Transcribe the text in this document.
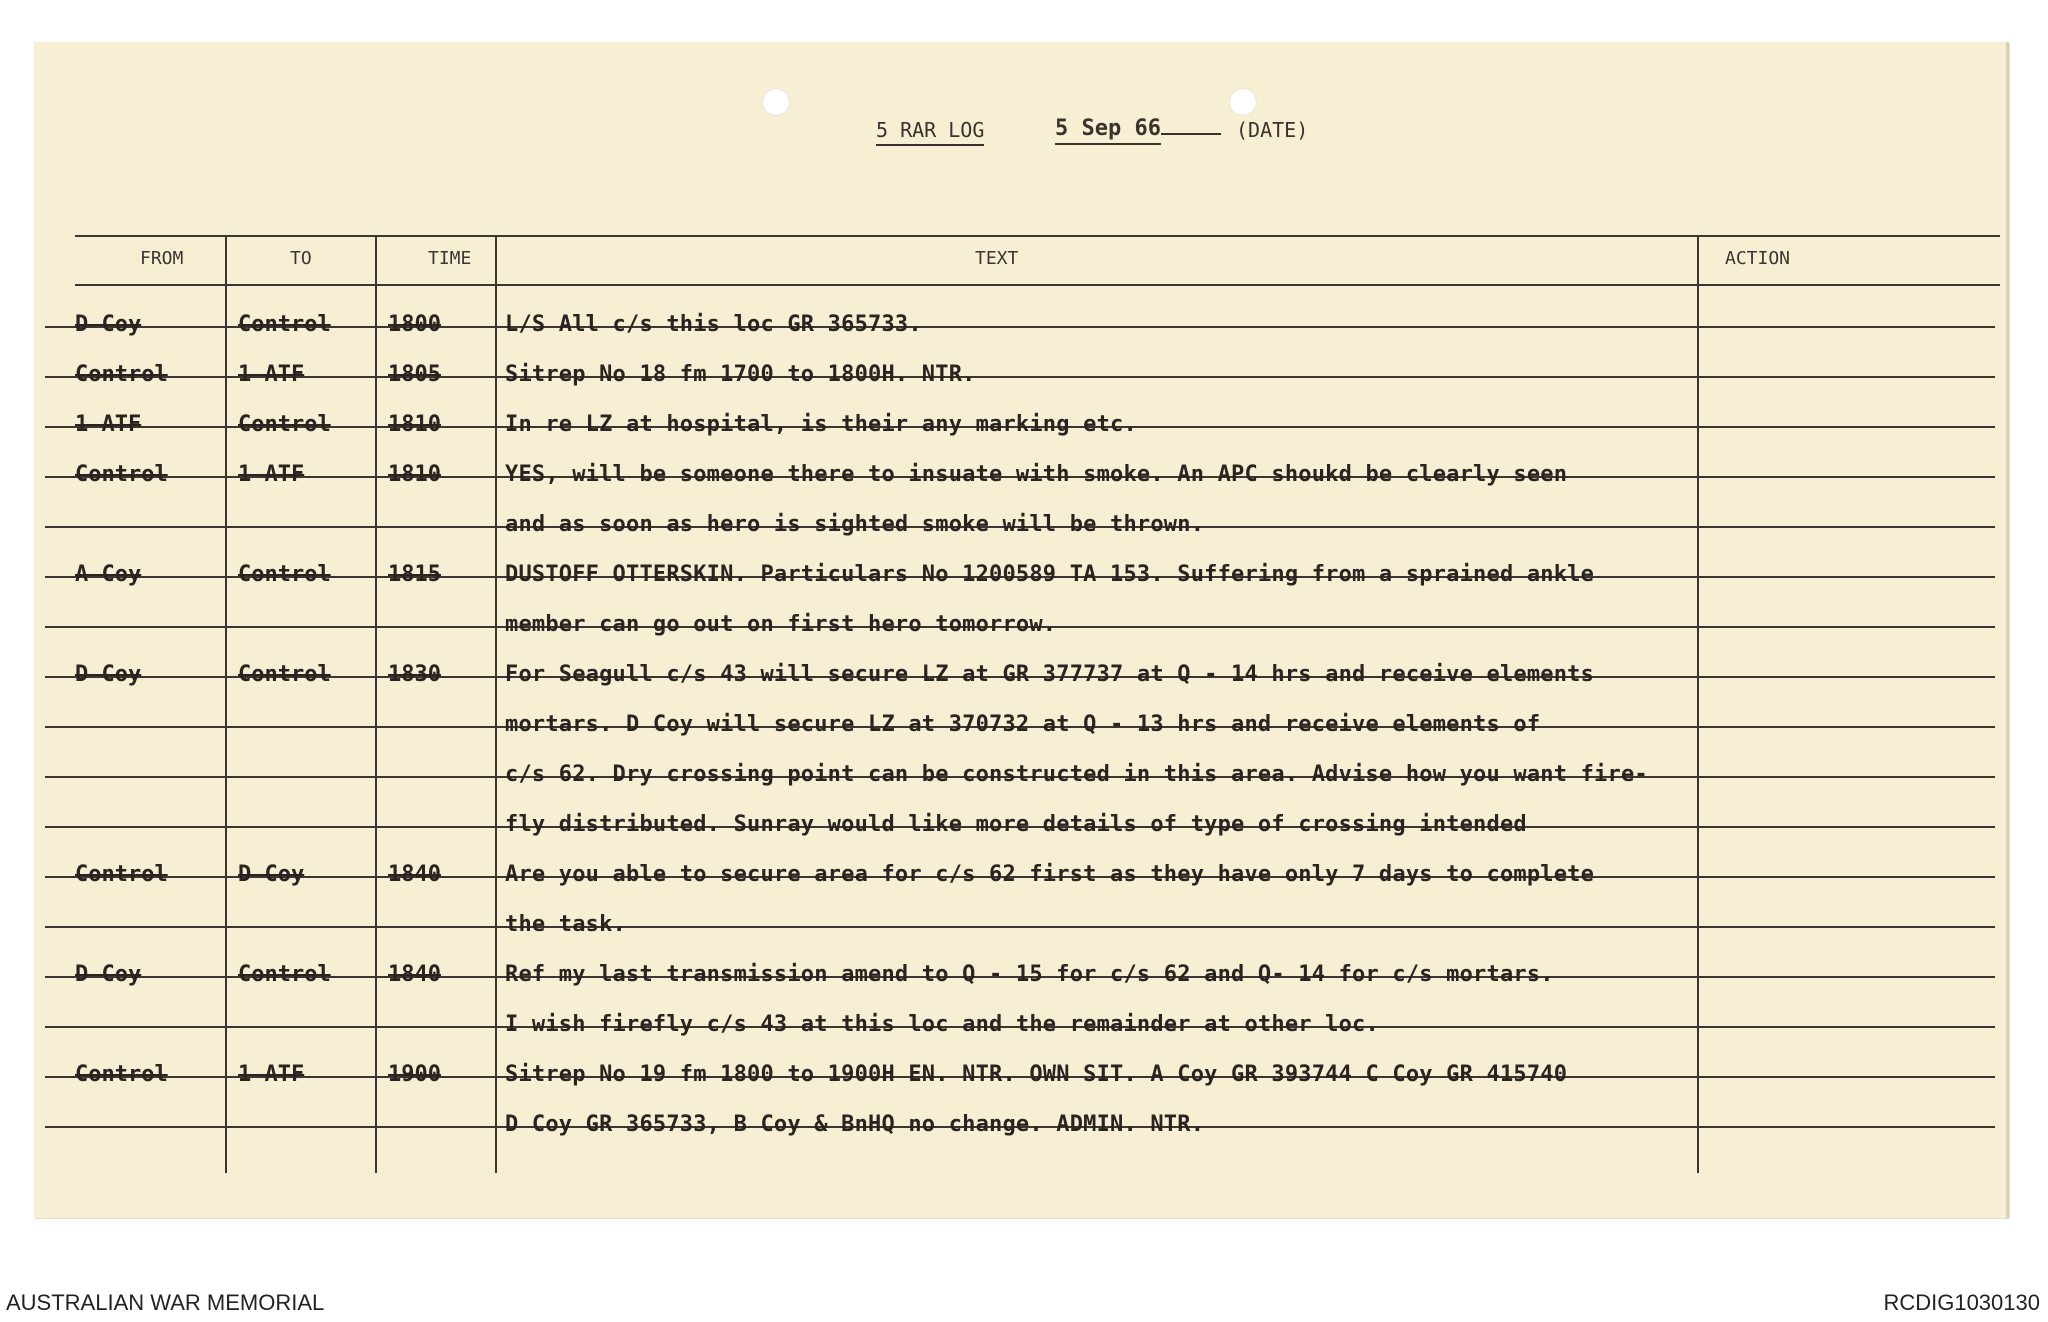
5 RAR LOG	5 Sep 66	(DATE)
FROM	TO	TIME	TEXT	ACTION
D Coy	Control	1800	L/S All c/s this loc GR 365733.
Control	1 ATF	1805	Sitrep No 18 fm 1700 to 1800H. NTR.
1 ATF	Control	1810	In re LZ at hospital, is their any marking etc.
Control	1 ATF	1810	YES, will be someone there to insuate with smoke. An APC shoukd be clearly seen
and as soon as hero is sighted smoke will be thrown.
A Coy	Control	1815	DUSTOFF OTTERSKIN. Particulars No 1200589 TA 153. Suffering from a sprained ankle
member can go out on first hero tomorrow.
D Coy	Control	1830	For Seagull c/s 43 will secure LZ at GR 377737 at Q - 14 hrs and receive elements
mortars. D Coy will secure LZ at 370732 at Q - 13 hrs and receive elements of
c/s 62. Dry crossing point can be constructed in this area. Advise how you want fire-
fly distributed. Sunray would like more details of type of crossing intended
Control	D Coy	1840	Are you able to secure area for c/s 62 first as they have only 7 days to complete
the task.
D Coy	Control	1840	Ref my last transmission amend to Q - 15 for c/s 62 and Q- 14 for c/s mortars.
I wish firefly c/s 43 at this loc and the remainder at other loc.
Control	1 ATF	1900	Sitrep No 19 fm 1800 to 1900H EN. NTR. OWN SIT. A Coy GR 393744 C Coy GR 415740
D Coy GR 365733, B Coy & BnHQ no change. ADMIN. NTR.
AUSTRALIAN WAR MEMORIAL	RCDIG1030130
